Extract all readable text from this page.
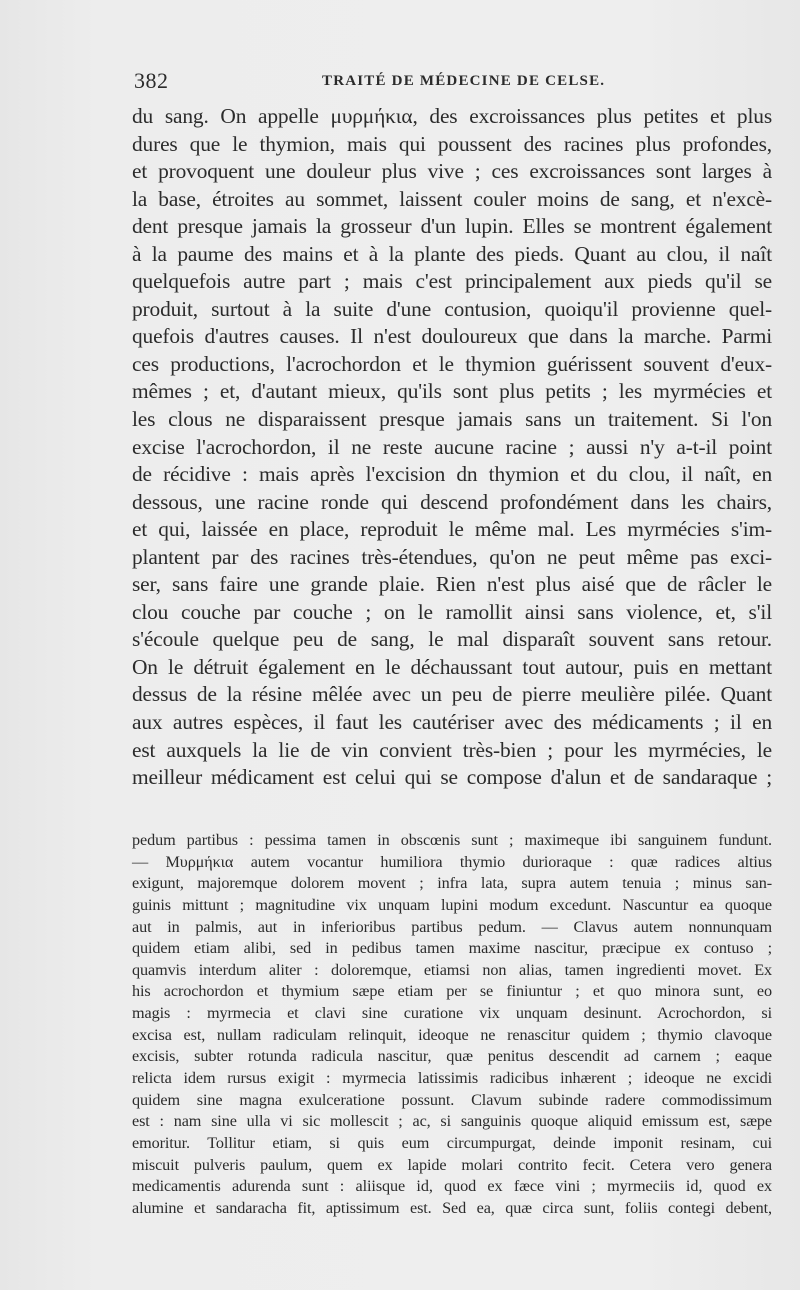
382	TRAITÉ DE MÉDECINE DE CELSE.
du sang. On appelle μυρμήκια, des excroissances plus petites et plus
dures que le thymion, mais qui poussent des racines plus profondes,
et provoquent une douleur plus vive ; ces excroissances sont larges à
la base, étroites au sommet, laissent couler moins de sang, et n'excè-
dent presque jamais la grosseur d'un lupin. Elles se montrent également
à la paume des mains et à la plante des pieds. Quant au clou, il naît
quelquefois autre part ; mais c'est principalement aux pieds qu'il se
produit, surtout à la suite d'une contusion, quoiqu'il provienne quel-
quefois d'autres causes. Il n'est douloureux que dans la marche. Parmi
ces productions, l'acrochordon et le thymion guérissent souvent d'eux-
mêmes ; et, d'autant mieux, qu'ils sont plus petits ; les myrmécies et
les clous ne disparaissent presque jamais sans un traitement. Si l'on
excise l'acrochordon, il ne reste aucune racine ; aussi n'y a-t-il point
de récidive : mais après l'excision dn thymion et du clou, il naît, en
dessous, une racine ronde qui descend profondément dans les chairs,
et qui, laissée en place, reproduit le même mal. Les myrmécies s'im-
plantent par des racines très-étendues, qu'on ne peut même pas exci-
ser, sans faire une grande plaie. Rien n'est plus aisé que de râcler le
clou couche par couche ; on le ramollit ainsi sans violence, et, s'il
s'écoule quelque peu de sang, le mal disparaît souvent sans retour.
On le détruit également en le déchaussant tout autour, puis en mettant
dessus de la résine mêlée avec un peu de pierre meulière pilée. Quant
aux autres espèces, il faut les cautériser avec des médicaments ; il en
est auxquels la lie de vin convient très-bien ; pour les myrmécies, le
meilleur médicament est celui qui se compose d'alun et de sandaraque ;
pedum partibus : pessima tamen in obscœnis sunt ; maximeque ibi sanguinem fundunt.
— Μυρμήκια autem vocantur humiliora thymio durioraque : quæ radices altius
exigunt, majoremque dolorem movent ; infra lata, supra autem tenuia ; minus san-
guinis mittunt ; magnitudine vix unquam lupini modum excedunt. Nascuntur ea quoque
aut in palmis, aut in inferioribus partibus pedum. — Clavus autem nonnunquam
quidem etiam alibi, sed in pedibus tamen maxime nascitur, præcipue ex contuso ;
quamvis interdum aliter : doloremque, etiamsi non alias, tamen ingredienti movet. Ex
his acrochordon et thymium sæpe etiam per se finiuntur ; et quo minora sunt, eo
magis : myrmecia et clavi sine curatione vix unquam desinunt. Acrochordon, si
excisa est, nullam radiculam relinquit, ideoque ne renascitur quidem ; thymio clavoque
excisis, subter rotunda radicula nascitur, quæ penitus descendit ad carnem ; eaque
relicta idem rursus exigit : myrmecia latissimis radicibus inhærent ; ideoque ne excidi
quidem sine magna exulceratione possunt. Clavum subinde radere commodissimum
est : nam sine ulla vi sic mollescit ; ac, si sanguinis quoque aliquid emissum est, sæpe
emoritur. Tollitur etiam, si quis eum circumpurgat, deinde imponit resinam, cui
miscuit pulveris paulum, quem ex lapide molari contrito fecit. Cetera vero genera
medicamentis adurenda sunt : aliisque id, quod ex fæce vini ; myrmeciis id, quod ex
alumine et sandaracha fit, aptissimum est. Sed ea, quæ circa sunt, foliis contegi debent,
